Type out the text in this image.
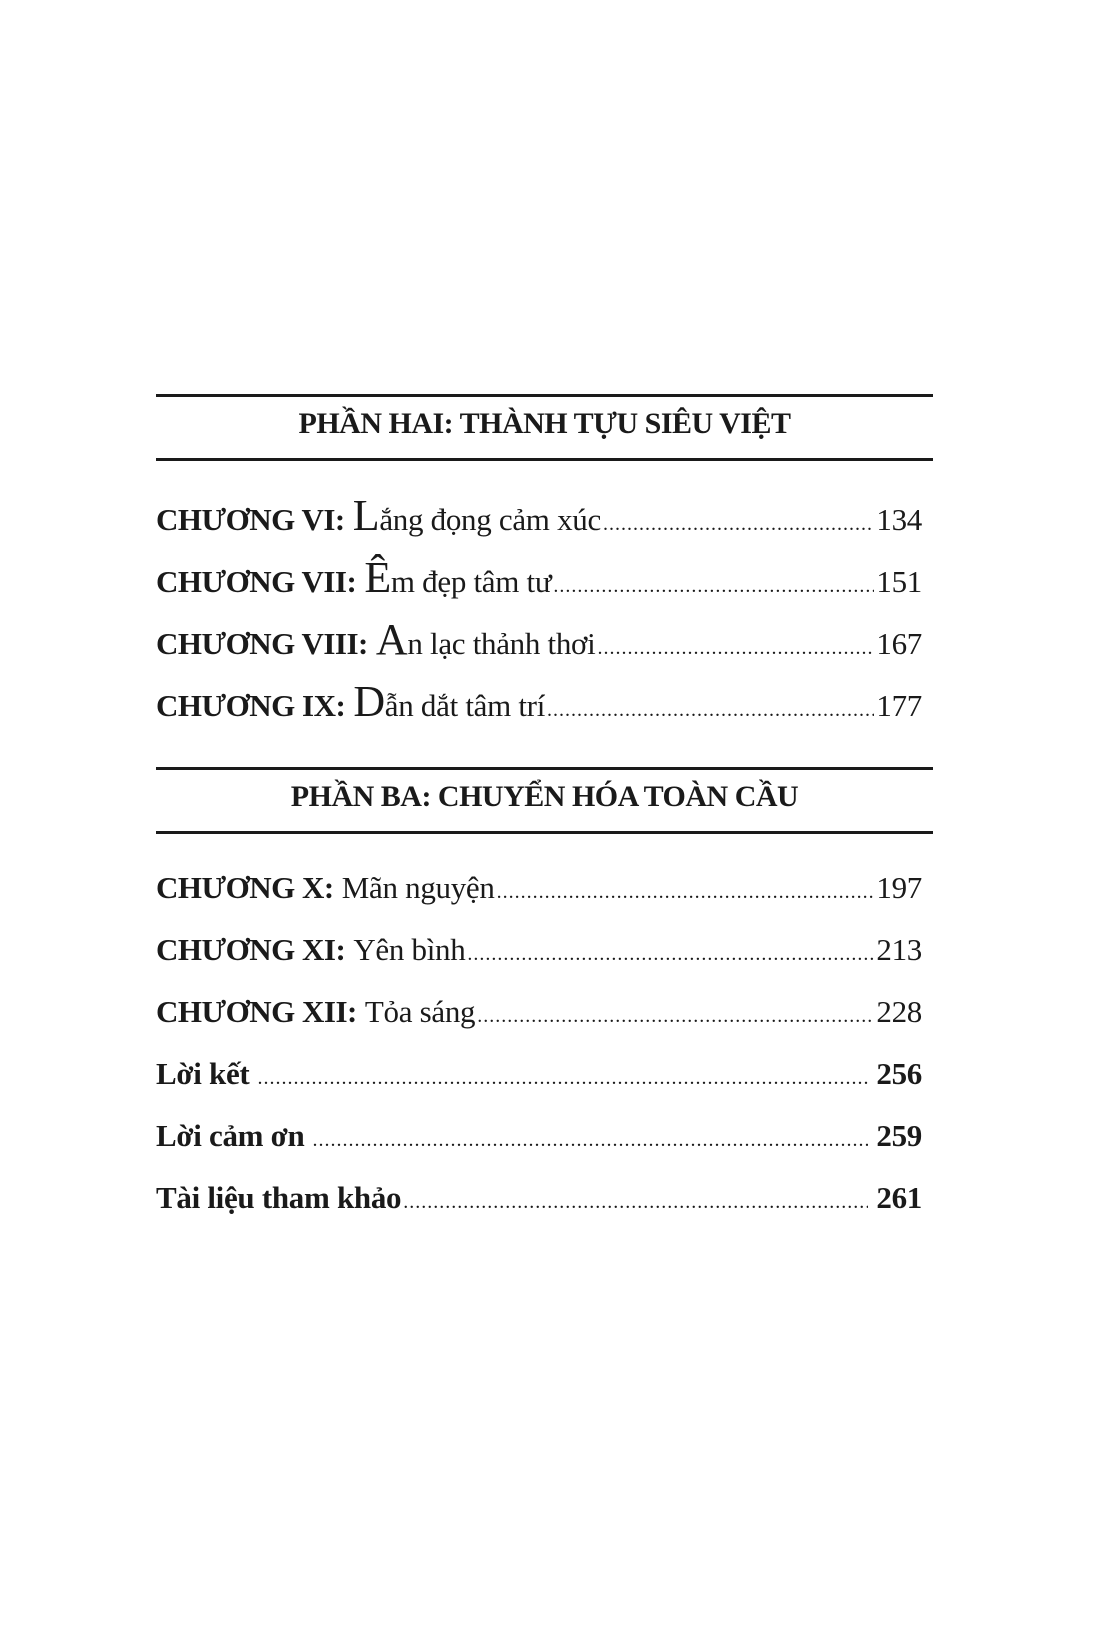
PHẦN HAI: THÀNH TỰU SIÊU VIỆT
CHƯƠNG VI: Lắng đọng cảm xúc .....	134
CHƯƠNG VII: Êm đẹp tâm tư .....	151
CHƯƠNG VIII: An lạc thảnh thơi .....	167
CHƯƠNG IX: Dẫn dắt tâm trí .....	177
PHẦN BA: CHUYỂN HÓA TOÀN CẦU
CHƯƠNG X: Mãn nguyện .....	197
CHƯƠNG XI: Yên bình .....	213
CHƯƠNG XII: Tỏa sáng .....	228
Lời kết .....	256
Lời cảm ơn .....	259
Tài liệu tham khảo .....	261
